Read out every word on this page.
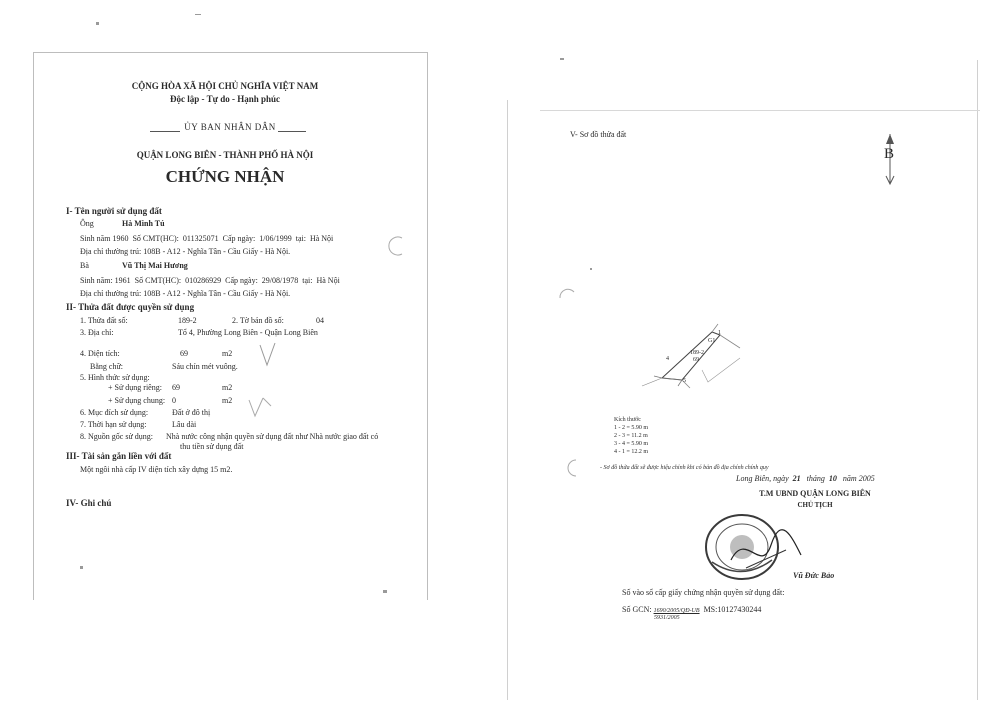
CỘNG HÒA XÃ HỘI CHỦ NGHĨA VIỆT NAM
Độc lập - Tự do - Hạnh phúc
ỦY BAN NHÂN DÂN
QUẬN LONG BIÊN - THÀNH PHỐ HÀ NỘI
CHỨNG NHẬN
I- Tên người sử dụng đất
Ông	Hà Minh Tú
Sinh năm 1960 Số CMT(HC): 011325071 Cấp ngày: 1/06/1999 tại: Hà Nội
Địa chỉ thường trú: 108B - A12 - Nghĩa Tân - Cầu Giấy - Hà Nội.
Bà	Vũ Thị Mai Hương
Sinh năm: 1961 Số CMT(HC): 010286929 Cấp ngày: 29/08/1978 tại: Hà Nội
Địa chỉ thường trú: 108B - A12 - Nghĩa Tân - Cầu Giấy - Hà Nội.
II- Thửa đất được quyền sử dụng
1. Thửa đất số:	189-2	2. Tờ bản đồ số:	04
3. Địa chỉ:	Tổ 4, Phường Long Biên - Quận Long Biên
4. Diện tích:	69	m2
Bằng chữ:	Sáu chín mét vuông.
5. Hình thức sử dụng:
+ Sử dụng riêng: 69	m2
+ Sử dụng chung: 0	m2
6. Mục đích sử dụng:	Đất ở đô thị
7. Thời hạn sử dụng:	Lâu dài
8. Nguồn gốc sử dụng: Nhà nước công nhận quyền sử dụng đất như Nhà nước giao đất có
thu tiền sử dụng đất
III- Tài sản gắn liền với đất
Một ngôi nhà cấp IV diện tích xây dựng 15 m2.
IV- Ghi chú
V- Sơ đồ thửa đất
B
189-2
69
G1
4
5
1
Kích thước
1 - 2 = 5.90 m
2 - 3 = 11.2 m
3 - 4 = 5.90 m
4 - 1 = 12.2 m
- Sơ đồ thửa đất sẽ được hiệu chỉnh khi có bản đồ địa chính chính quy
Long Biên, ngày 21 tháng 10 năm 2005
T.M UBND QUẬN LONG BIÊN
CHỦ TỊCH
Vũ Đức Bảo
Số vào sổ cấp giấy chứng nhận quyền sử dụng đất:
Số GCN: 1690/2005/QĐ-UB MS:10127430244
5931/2005
